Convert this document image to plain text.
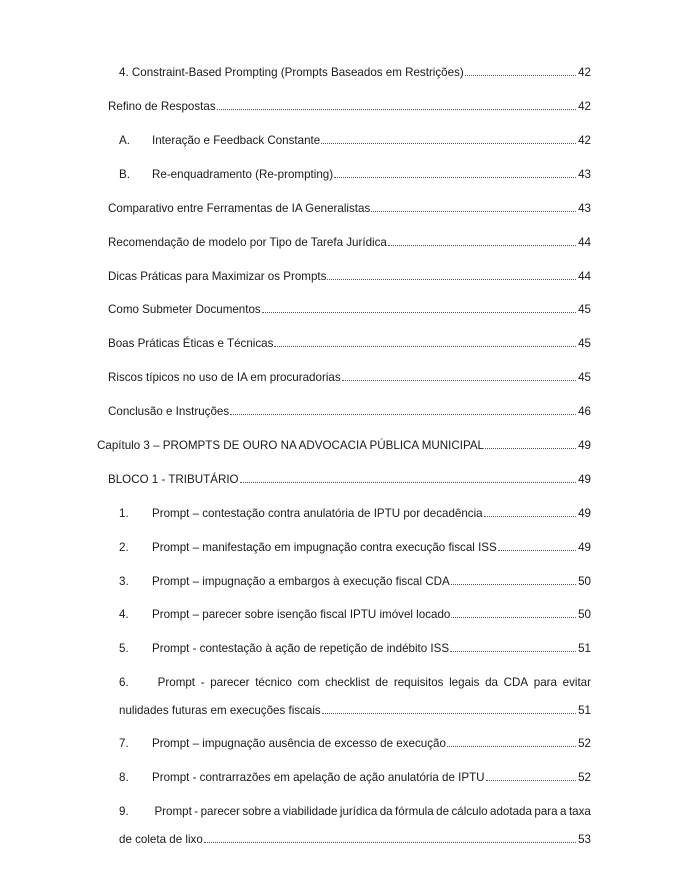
4. Constraint-Based Prompting (Prompts Baseados em Restrições)	42
Refino de Respostas	42
A.	Interação e Feedback Constante	42
B.	Re-enquadramento (Re-prompting)	43
Comparativo entre Ferramentas de IA Generalistas	43
Recomendação de modelo por Tipo de Tarefa Jurídica	44
Dicas Práticas para Maximizar os Prompts	44
Como Submeter Documentos	45
Boas Práticas Éticas e Técnicas	45
Riscos típicos no uso de IA em procuradorias	45
Conclusão e Instruções	46
Capítulo 3 – PROMPTS DE OURO NA ADVOCACIA PÚBLICA MUNICIPAL	49
BLOCO 1 - TRIBUTÁRIO	49
1.	Prompt – contestação contra anulatória de IPTU por decadência	49
2.	Prompt – manifestação em impugnação contra execução fiscal ISS	49
3.	Prompt – impugnação a embargos à execução fiscal CDA	50
4.	Prompt – parecer sobre isenção fiscal IPTU imóvel locado	50
5.	Prompt - contestação à ação de repetição de indébito ISS	51
6.	Prompt - parecer técnico com checklist de requisitos legais da CDA para evitar
nulidades futuras em execuções fiscais	51
7.	Prompt – impugnação ausência de excesso de execução	52
8.	Prompt - contrarrazões em apelação de ação anulatória de IPTU	52
9.	Prompt - parecer sobre a viabilidade jurídica da fórmula de cálculo adotada para a taxa
de coleta de lixo	53
